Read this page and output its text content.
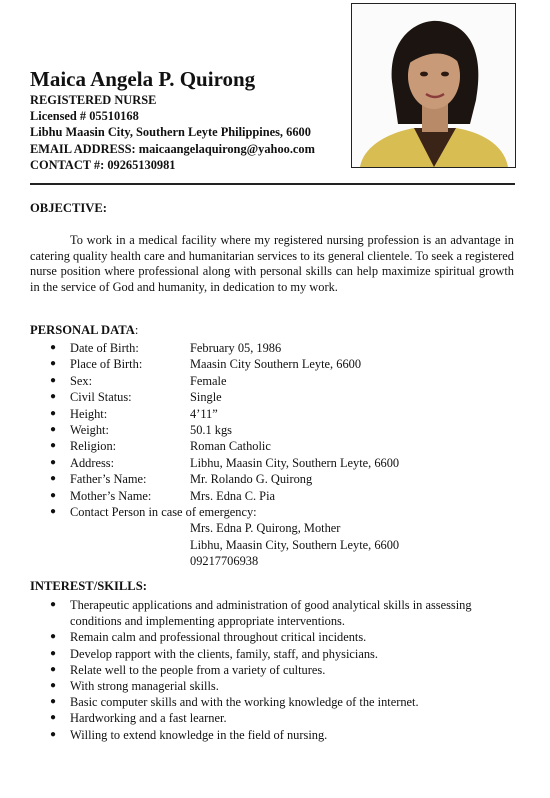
Maica Angela P. Quirong
REGISTERED NURSE
Licensed # 05510168
Libhu Maasin City, Southern Leyte Philippines, 6600
EMAIL ADDRESS: maicaangelaquirong@yahoo.com
CONTACT #: 09265130981
OBJECTIVE:
To work in a medical facility where my registered nursing profession is an advantage in catering quality health care and humanitarian services to its general clientele. To seek a registered nurse position where professional along with personal skills can help maximize spiritual growth in the service of God and humanity, in dedication to my work.
PERSONAL DATA:
● Date of Birth:	February 05, 1986
● Place of Birth:	Maasin City Southern Leyte, 6600
● Sex:	Female
● Civil Status:	Single
● Height:	4’11”
● Weight:	50.1 kgs
● Religion:	Roman Catholic
● Address:	Libhu, Maasin City, Southern Leyte, 6600
● Father’s Name:	Mr. Rolando G. Quirong
● Mother’s Name:	Mrs. Edna C. Pia
● Contact Person in case of emergency:
Mrs. Edna P. Quirong, Mother
Libhu, Maasin City, Southern Leyte, 6600
09217706938
INTEREST/SKILLS:
● Therapeutic applications and administration of good analytical skills in assessing conditions and implementing appropriate interventions.
● Remain calm and professional throughout critical incidents.
● Develop rapport with the clients, family, staff, and physicians.
● Relate well to the people from a variety of cultures.
● With strong managerial skills.
● Basic computer skills and with the working knowledge of the internet.
● Hardworking and a fast learner.
● Willing to extend knowledge in the field of nursing.
